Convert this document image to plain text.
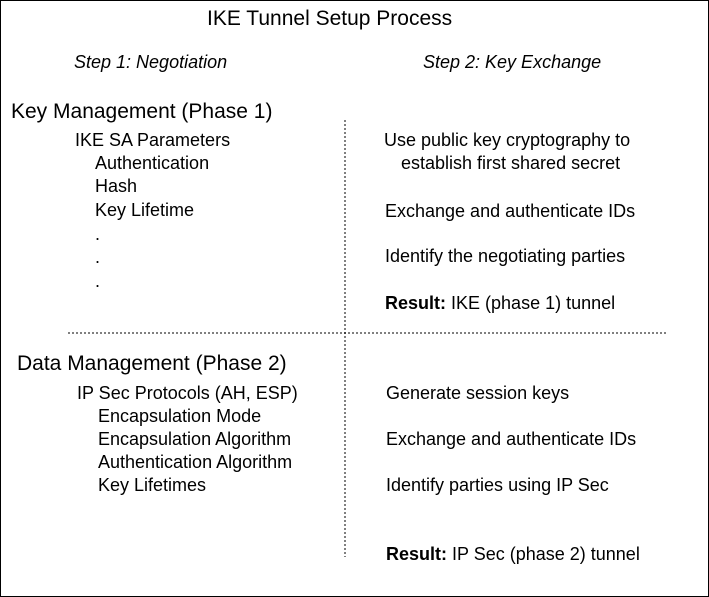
IKE Tunnel Setup Process
Step 1: Negotiation	Step 2: Key Exchange
Key Management (Phase 1)
IKE SA Parameters
Authentication
Hash
Key Lifetime
.
.
.
Use public key cryptography to
establish first shared secret
Exchange and authenticate IDs
Identify the negotiating parties
Result: IKE (phase 1) tunnel
Data Management (Phase 2)
IP Sec Protocols (AH, ESP)
Encapsulation Mode
Encapsulation Algorithm
Authentication Algorithm
Key Lifetimes
Generate session keys
Exchange and authenticate IDs
Identify parties using IP Sec
Result: IP Sec (phase 2) tunnel
